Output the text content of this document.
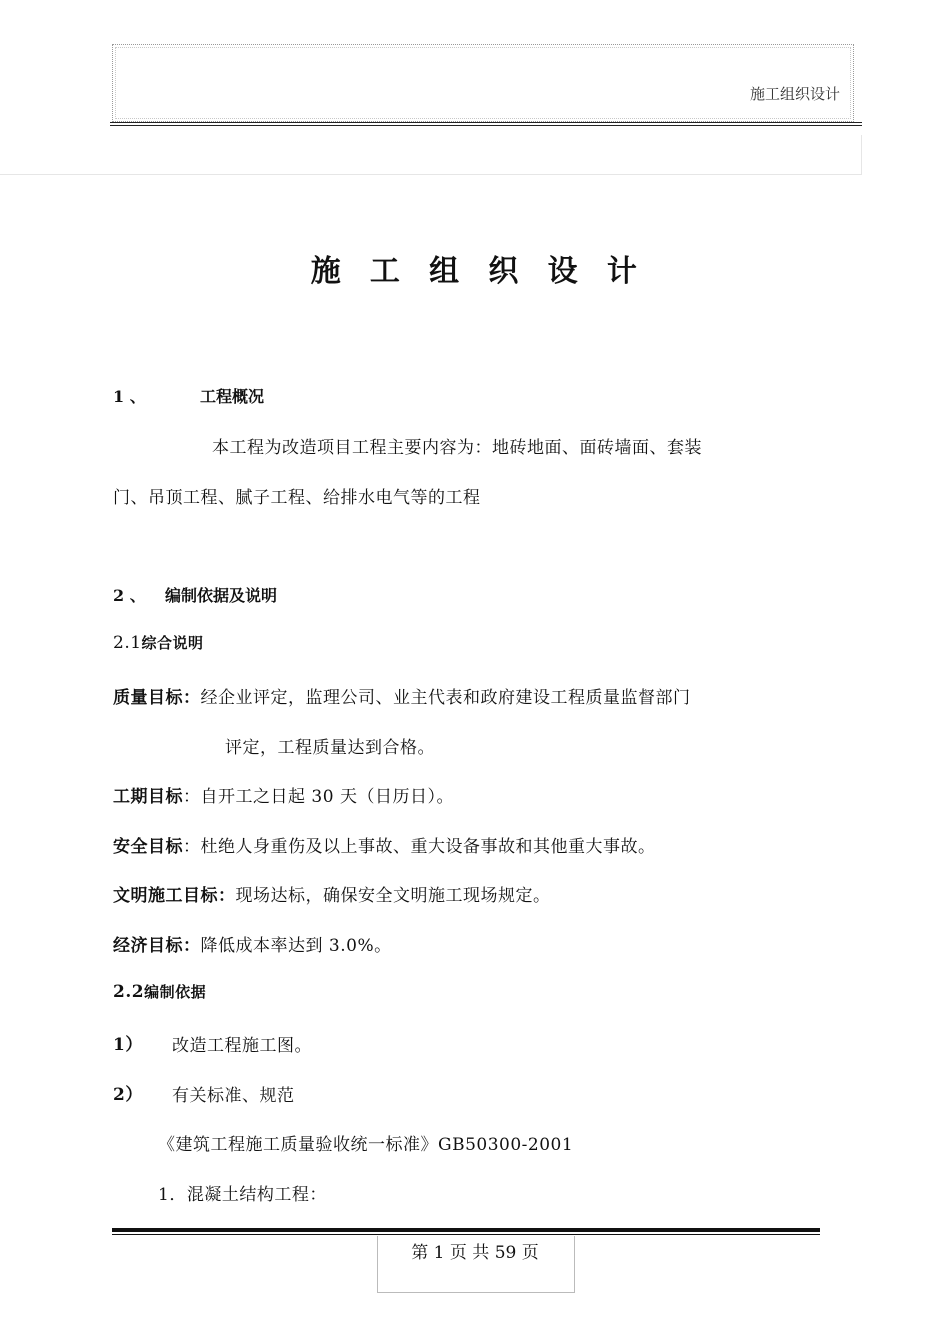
施工组织设计
施 工 组 织 设 计
1 、	工程概况
本工程为改造项目工程主要内容为：地砖地面、面砖墙面、套装
门、吊顶工程、腻子工程、给排水电气等的工程
2 、 编制依据及说明
2.1综合说明
质量目标：经企业评定，监理公司、业主代表和政府建设工程质量监督部门
评定，工程质量达到合格。
工期目标：自开工之日起 30 天（日历日）。
安全目标：杜绝人身重伤及以上事故、重大设备事故和其他重大事故。
文明施工目标：现场达标，确保安全文明施工现场规定。
经济目标：降低成本率达到 3.0%。
2.2编制依据
1） 改造工程施工图。
2） 有关标准、规范
《建筑工程施工质量验收统一标准》GB50300-2001
1．混凝土结构工程：
第 1 页 共 59 页
